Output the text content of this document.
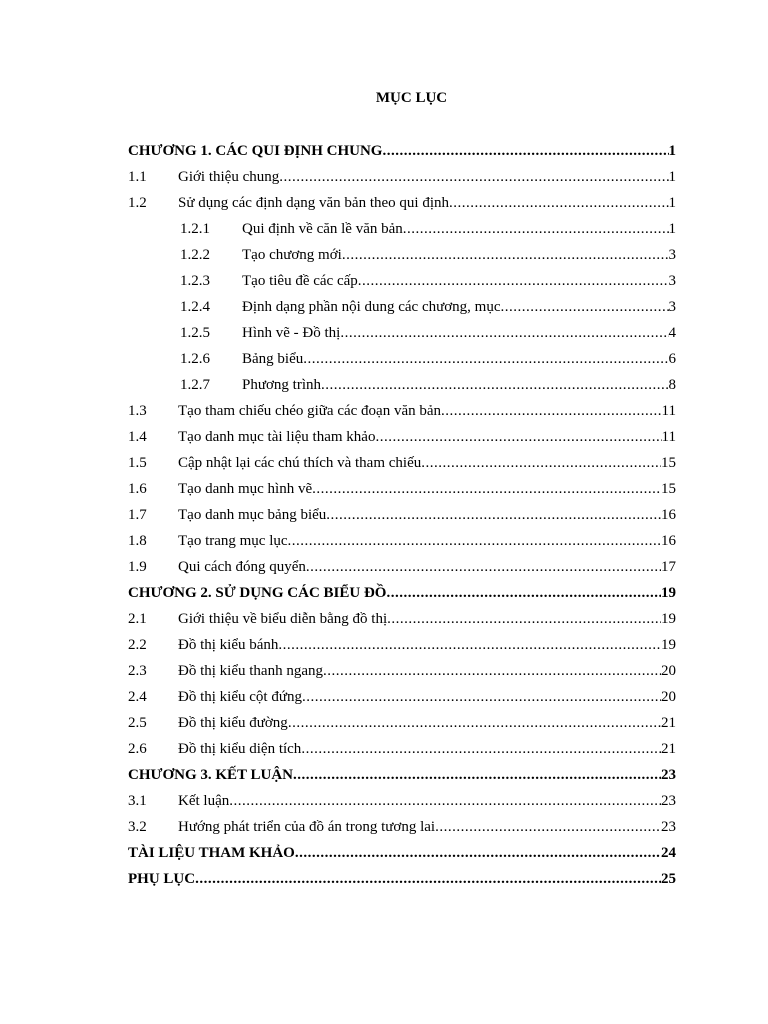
MỤC LỤC
CHƯƠNG 1. CÁC QUI ĐỊNH CHUNG .....	1
1.1	Giới thiệu chung .....	1
1.2	Sử dụng các định dạng văn bản theo qui định .....	1
1.2.1	Qui định về căn lề văn bản .....	1
1.2.2	Tạo chương mới .....	3
1.2.3	Tạo tiêu đề các cấp .....	3
1.2.4	Định dạng phần nội dung các chương, mục .....	3
1.2.5	Hình vẽ - Đồ thị .....	4
1.2.6	Bảng biểu .....	6
1.2.7	Phương trình .....	8
1.3	Tạo tham chiếu chéo giữa các đoạn văn bản .....	11
1.4	Tạo danh mục tài liệu tham khảo .....	11
1.5	Cập nhật lại các chú thích và tham chiếu .....	15
1.6	Tạo danh mục hình vẽ .....	15
1.7	Tạo danh mục bảng biểu .....	16
1.8	Tạo trang mục lục .....	16
1.9	Qui cách đóng quyển .....	17
CHƯƠNG 2. SỬ DỤNG CÁC BIỂU ĐỒ .....	19
2.1	Giới thiệu về biểu diễn bằng đồ thị .....	19
2.2	Đồ thị kiểu bánh .....	19
2.3	Đồ thị kiểu thanh ngang .....	20
2.4	Đồ thị kiểu cột đứng .....	20
2.5	Đồ thị kiểu đường .....	21
2.6	Đồ thị kiểu diện tích .....	21
CHƯƠNG 3. KẾT LUẬN .....	23
3.1	Kết luận .....	23
3.2	Hướng phát triển của đồ án trong tương lai .....	23
TÀI LIỆU THAM KHẢO .....	24
PHỤ LỤC .....	25
